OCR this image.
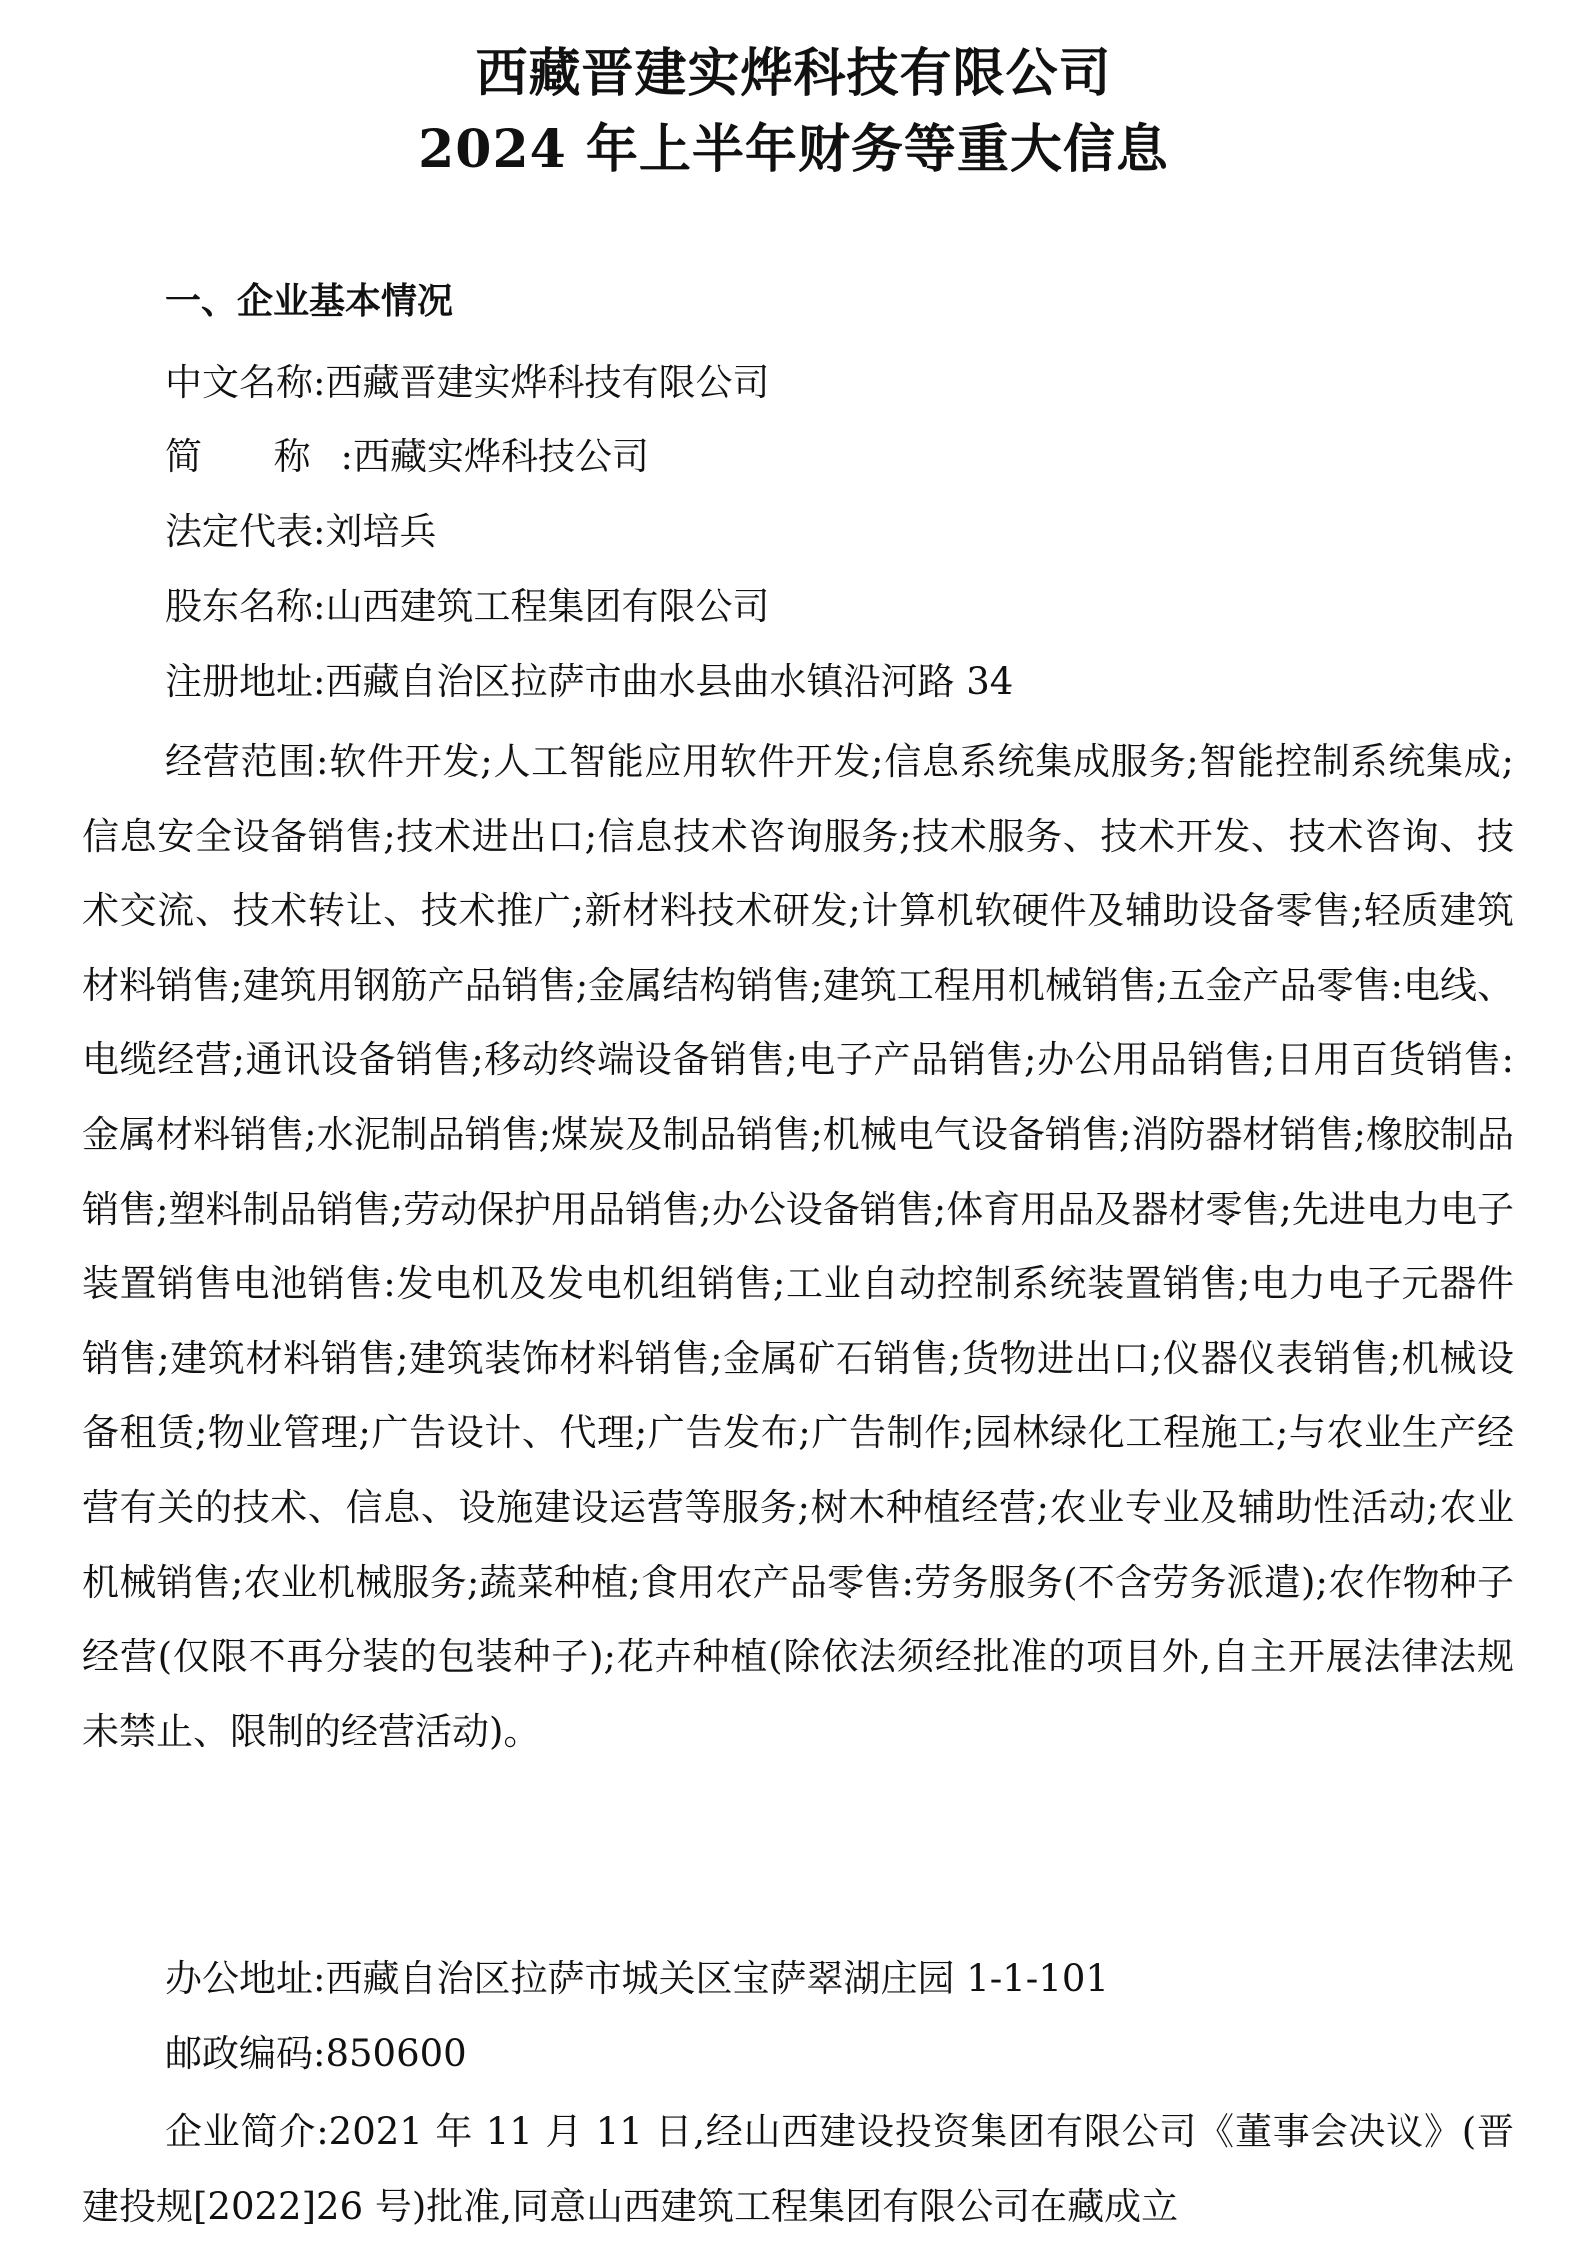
西藏晋建实烨科技有限公司
2024 年上半年财务等重大信息
一、企业基本情况
中文名称:西藏晋建实烨科技有限公司
简 称:西藏实烨科技公司
法定代表:刘培兵
股东名称:山西建筑工程集团有限公司
注册地址:西藏自治区拉萨市曲水县曲水镇沿河路 34
经营范围:软件开发;人工智能应用软件开发;信息系统集成服务;智能控制系统集成;信息安全设备销售;技术进出口;信息技术咨询服务;技术服务、技术开发、技术咨询、技术交流、技术转让、技术推广;新材料技术研发;计算机软硬件及辅助设备零售;轻质建筑材料销售;建筑用钢筋产品销售;金属结构销售;建筑工程用机械销售;五金产品零售:电线、电缆经营;通讯设备销售;移动终端设备销售;电子产品销售;办公用品销售;日用百货销售:金属材料销售;水泥制品销售;煤炭及制品销售;机械电气设备销售;消防器材销售;橡胶制品销售;塑料制品销售;劳动保护用品销售;办公设备销售;体育用品及器材零售;先进电力电子装置销售电池销售:发电机及发电机组销售;工业自动控制系统装置销售;电力电子元器件销售;建筑材料销售;建筑装饰材料销售;金属矿石销售;货物进出口;仪器仪表销售;机械设备租赁;物业管理;广告设计、代理;广告发布;广告制作;园林绿化工程施工;与农业生产经营有关的技术、信息、设施建设运营等服务;树木种植经营;农业专业及辅助性活动;农业机械销售;农业机械服务;蔬菜种植;食用农产品零售:劳务服务(不含劳务派遣);农作物种子经营(仅限不再分装的包装种子);花卉种植(除依法须经批准的项目外,自主开展法律法规未禁止、限制的经营活动)。
办公地址:西藏自治区拉萨市城关区宝萨翠湖庄园 1-1-101
邮政编码:850600
企业简介:2021 年 11 月 11 日,经山西建设投资集团有限公司《董事会决议》(晋建投规[2022]26 号)批准,同意山西建筑工程集团有限公司在藏成立
